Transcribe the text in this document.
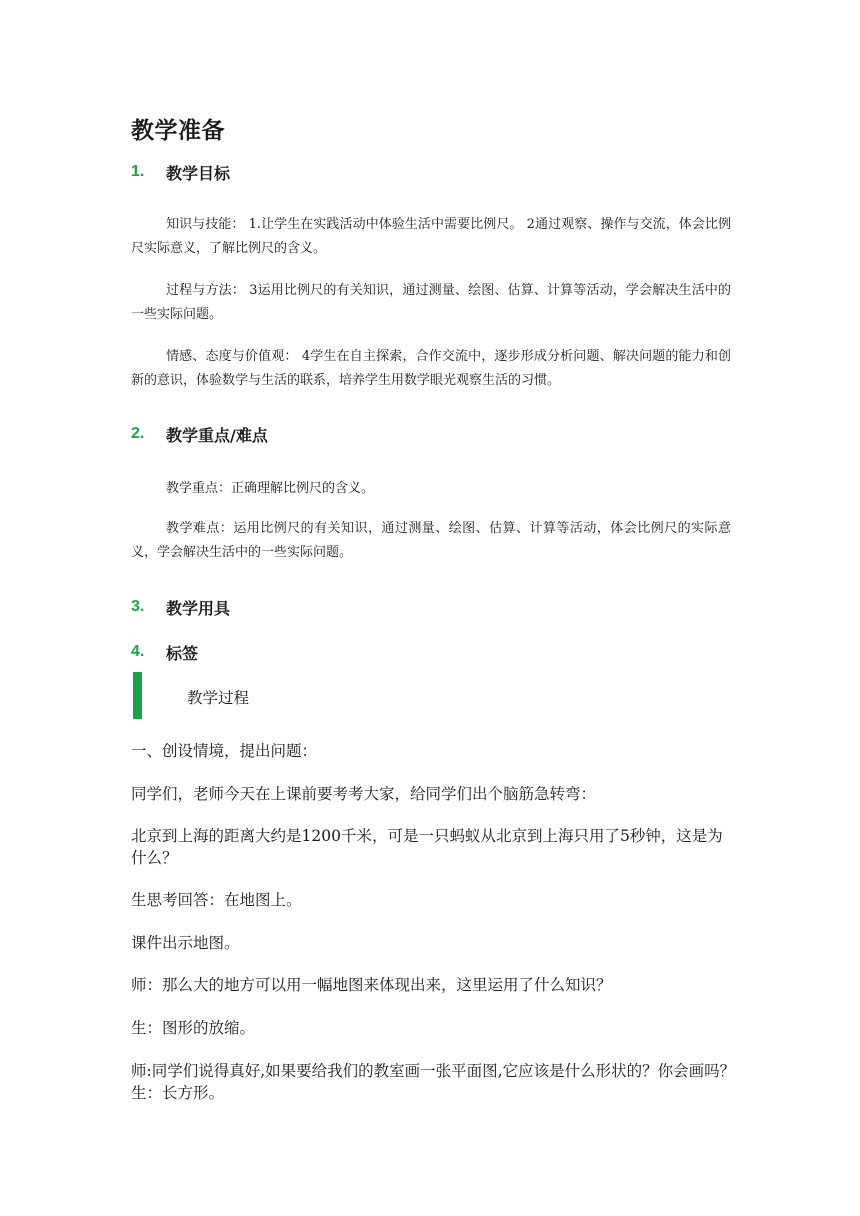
教学准备
1. 教学目标

知识与技能： 1.让学生在实践活动中体验生活中需要比例尺。 2通过观察、操作与交流，体会比例尺实际意义，了解比例尺的含义。

过程与方法： 3运用比例尺的有关知识，通过测量、绘图、估算、计算等活动，学会解决生活中的一些实际问题。

情感、态度与价值观： 4学生在自主探索，合作交流中，逐步形成分析问题、解决问题的能力和创新的意识，体验数学与生活的联系，培养学生用数学眼光观察生活的习惯。

2. 教学重点/难点

教学重点：正确理解比例尺的含义。

教学难点：运用比例尺的有关知识，通过测量、绘图、估算、计算等活动，体会比例尺的实际意义，学会解决生活中的一些实际问题。

3. 教学用具
4. 标签
教学过程

一、创设情境，提出问题：

同学们，老师今天在上课前要考考大家，给同学们出个脑筋急转弯：

北京到上海的距离大约是1200千米，可是一只蚂蚁从北京到上海只用了5秒钟，这是为什么？

生思考回答：在地图上。

课件出示地图。

师：那么大的地方可以用一幅地图来体现出来，这里运用了什么知识？

生：图形的放缩。

师:同学们说得真好,如果要给我们的教室画一张平面图,它应该是什么形状的？你会画吗？　　生：长方形。
